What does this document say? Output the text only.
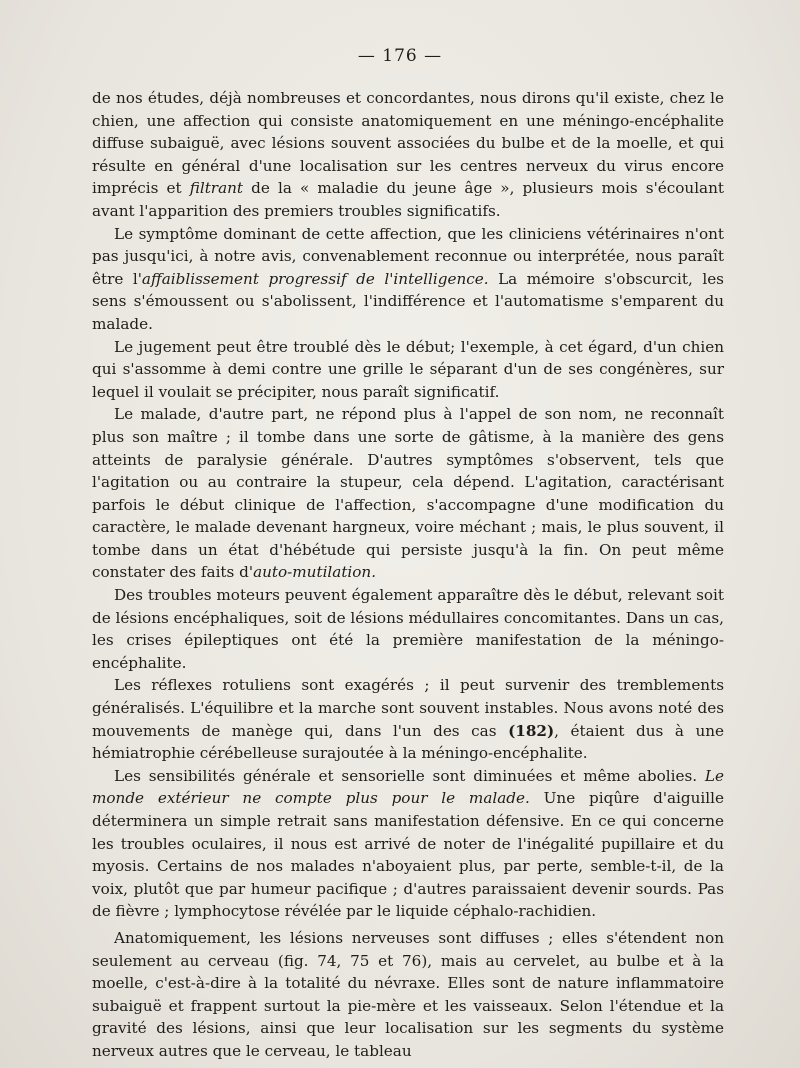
— 176 —

de nos études, déjà nombreuses et concordantes, nous dirons qu'il existe, chez le chien, une affection qui consiste anatomiquement en une méningo-encéphalite diffuse subaiguë, avec lésions souvent associées du bulbe et de la moelle, et qui résulte en général d'une localisation sur les centres nerveux du virus encore imprécis et filtrant de la « maladie du jeune âge », plusieurs mois s'écoulant avant l'apparition des premiers troubles significatifs.

Le symptôme dominant de cette affection, que les cliniciens vétérinaires n'ont pas jusqu'ici, à notre avis, convenablement reconnue ou interprétée, nous paraît être l'affaiblissement progressif de l'intelligence. La mémoire s'obscurcit, les sens s'émoussent ou s'abolissent, l'indifférence et l'automatisme s'emparent du malade.

Le jugement peut être troublé dès le début; l'exemple, à cet égard, d'un chien qui s'assomme à demi contre une grille le séparant d'un de ses congénères, sur lequel il voulait se précipiter, nous paraît significatif.

Le malade, d'autre part, ne répond plus à l'appel de son nom, ne reconnaît plus son maître ; il tombe dans une sorte de gâtisme, à la manière des gens atteints de paralysie générale. D'autres symptômes s'observent, tels que l'agitation ou au contraire la stupeur, cela dépend. L'agitation, caractérisant parfois le début clinique de l'affection, s'accompagne d'une modification du caractère, le malade devenant hargneux, voire méchant ; mais, le plus souvent, il tombe dans un état d'hébétude qui persiste jusqu'à la fin. On peut même constater des faits d'auto-mutilation.

Des troubles moteurs peuvent également apparaître dès le début, relevant soit de lésions encéphaliques, soit de lésions médullaires concomitantes. Dans un cas, les crises épileptiques ont été la première manifestation de la méningo-encéphalite.

Les réflexes rotuliens sont exagérés ; il peut survenir des tremblements généralisés. L'équilibre et la marche sont souvent instables. Nous avons noté des mouvements de manège qui, dans l'un des cas (182), étaient dus à une hémiatrophie cérébelleuse surajoutée à la méningo-encéphalite.

Les sensibilités générale et sensorielle sont diminuées et même abolies. Le monde extérieur ne compte plus pour le malade. Une piqûre d'aiguille déterminera un simple retrait sans manifestation défensive. En ce qui concerne les troubles oculaires, il nous est arrivé de noter de l'inégalité pupillaire et du myosis. Certains de nos malades n'aboyaient plus, par perte, semble-t-il, de la voix, plutôt que par humeur pacifique ; d'autres paraissaient devenir sourds. Pas de fièvre ; lymphocytose révélée par le liquide céphalo-rachidien.

Anatomiquement, les lésions nerveuses sont diffuses ; elles s'étendent non seulement au cerveau (fig. 74, 75 et 76), mais au cervelet, au bulbe et à la moelle, c'est-à-dire à la totalité du névraxe. Elles sont de nature inflammatoire subaiguë et frappent surtout la pie-mère et les vaisseaux. Selon l'étendue et la gravité des lésions, ainsi que leur localisation sur les segments du système nerveux autres que le cerveau, le tableau
